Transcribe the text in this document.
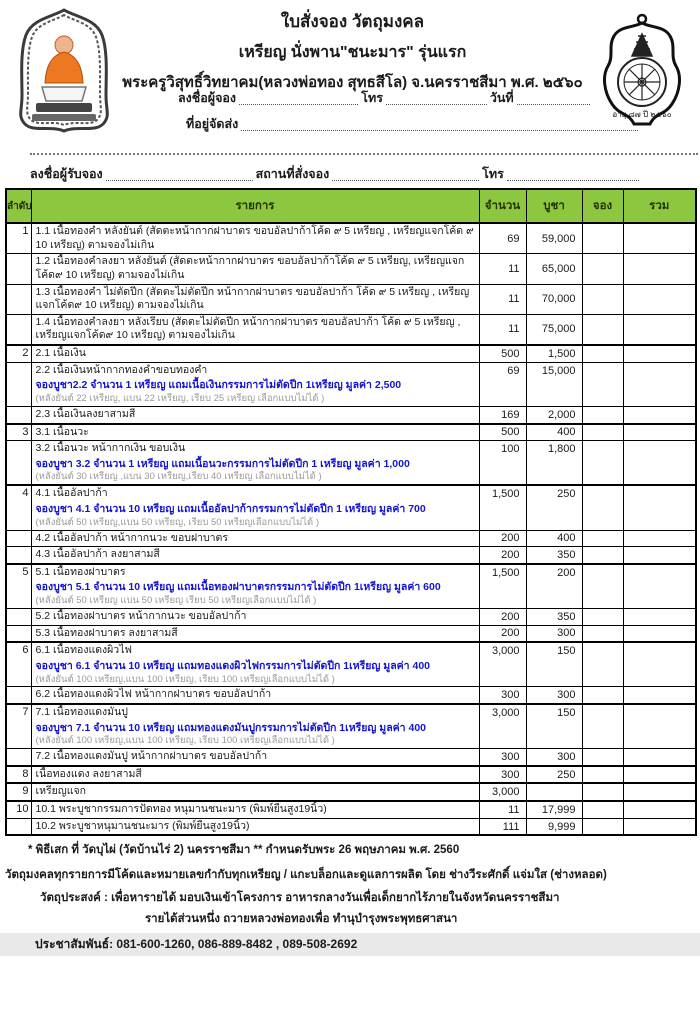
อายุ ๘๗ ปี ๒๕๖๐
ใบสั่งจอง วัตถุมงคล
เหรียญ นั่งพาน"ชนะมาร" รุ่นแรก
พระครูวิสุทธิ์วิทยาคม(หลวงพ่อทอง สุทธสีโล) จ.นครราชสีมา พ.ศ. ๒๕๖๐
ลงชื่อผู้จอง	โทร	วันที่
ที่อยู่จัดส่ง
ลงชื่อผู้รับจอง	สถานที่สั่งจอง	โทร
ลำดับ	รายการ	จำนวน	บูชา	จอง	รวม
1	1.1 เนื้อทองคำ หลังยันต์ (สัดตะหน้ากากฝาบาตร ขอบอัลปาก้าโค้ด ๙ 5 เหรียญ , เหรียญแจกโค้ด ๙ 10 เหรียญ) ตามจองไม่เกิน	69	59,000		

	1.2 เนื้อทองคำลงยา หลังยันต์ (สัดตะหน้ากากฝาบาตร ขอบอัลปาก้าโค้ด ๙ 5 เหรียญ, เหรียญแจกโค้ด๙ 10 เหรียญ) ตามจองไม่เกิน	11	65,000		

	1.3 เนื้อทองคำ ไม่ตัดปีก (สัดตะไม่ตัดปีก หน้ากากฝาบาตร ขอบอัลปาก้า โค้ด ๙ 5 เหรียญ , เหรียญแจกโค้ด๙ 10 เหรียญ) ตามจองไม่เกิน	11	70,000		

	1.4 เนื้อทองคำลงยา หลังเรียบ (สัดตะไม่ตัดปีก หน้ากากฝาบาตร ขอบอัลปาก้า โค้ด ๙ 5 เหรียญ , เหรียญแจกโค้ด๙ 10 เหรียญ) ตามจองไม่เกิน	11	75,000		
2	2.1 เนื้อเงิน	500	1,500		

	2.2 เนื้อเงินหน้ากากทองคำขอบทองคำ
จองบูชา2.2 จำนวน 1 เหรียญ แถมเนื้อเงินกรรมการไม่ตัดปีก 1เหรียญ มูลค่า 2,500
(หลังยันต์ 22 เหรียญ, แบน 22 เหรียญ, เรียบ 25 เหรียญ เลือกแบบไม่ได้ )	69	15,000		

	2.3 เนื้อเงินลงยาสามสี	169	2,000		
3	3.1 เนื้อนวะ	500	400		

	3.2 เนื้อนวะ หน้ากากเงิน ขอบเงิน
จองบูชา 3.2 จำนวน 1 เหรียญ แถมเนื้อนวะกรรมการไม่ตัดปีก 1 เหรียญ มูลค่า 1,000
(หลังยันต์ 30 เหรียญ ,แบน 30 เหรียญ,เรียบ 40 เหรียญ เลือกแบบไม่ได้ )	100	1,800		
4	4.1 เนื้ออัลปาก้า
จองบูชา 4.1 จำนวน 10 เหรียญ แถมเนื้ออัลปาก้ากรรมการไม่ตัดปีก 1 เหรียญ มูลค่า 700
(หลังยันต์ 50 เหรียญ,แบน 50 เหรียญ, เรียบ 50 เหรียญเลือกแบบไม่ได้ )	1,500	250		

	4.2 เนื้ออัลปาก้า หน้ากากนวะ ขอบฝาบาตร	200	400		

	4.3 เนื้ออัลปาก้า ลงยาสามสี	200	350		
5	5.1 เนื้อทองฝาบาตร
จองบูชา 5.1 จำนวน 10 เหรียญ แถมเนื้อทองฝาบาตรกรรมการไม่ตัดปีก 1เหรียญ มูลค่า 600
(หลังยันต์ 50 เหรียญ แบน 50 เหรียญ เรียบ 50 เหรียญเลือกแบบไม่ได้ )	1,500	200		

	5.2 เนื้อทองฝาบาตร หน้ากากนวะ ขอบอัลปาก้า	200	350		

	5.3 เนื้อทองฝาบาตร ลงยาสามสี	200	300		
6	6.1 เนื้อทองแดงผิวไฟ
จองบูชา 6.1 จำนวน 10 เหรียญ แถมทองแดงผิวไฟกรรมการไม่ตัดปีก 1เหรียญ มูลค่า 400
(หลังยันต์ 100 เหรียญ,แบน 100 เหรียญ, เรียบ 100 เหรียญเลือกแบบไม่ได้ )	3,000	150		

	6.2 เนื้อทองแดงผิวไฟ หน้ากากฝาบาตร ขอบอัลปาก้า	300	300		
7	7.1 เนื้อทองแดงมันปู
จองบูชา 7.1 จำนวน 10 เหรียญ แถมทองแดงมันปูกรรมการไม่ตัดปีก 1เหรียญ มูลค่า 400
(หลังยันต์ 100 เหรียญ,แบน 100 เหรียญ, เรียบ 100 เหรียญเลือกแบบไม่ได้ )	3,000	150		

	7.2 เนื้อทองแดงมันปู หน้ากากฝาบาตร ขอบอัลปาก้า	300	300		
8	เนื้อทองแดง ลงยาสามสี	300	250		
9	เหรียญแจก	3,000			
10	10.1 พระบูชากรรมการปัดทอง หนุมานชนะมาร (พิมพ์ยืนสูง19นิ้ว)	11	17,999		

	10.2 พระบูชาหนุมานชนะมาร (พิมพ์ยืนสูง19นิ้ว)	111	9,999		
* พิธีเสก ที่ วัดบุไผ่ (วัดบ้านไร่ 2) นครราชสีมา ** กำหนดรับพระ 26 พฤษภาคม พ.ศ. 2560
วัตถุมงคลทุกรายการมีโค้ดและหมายเลขกำกับทุกเหรียญ / แกะบล็อกและดูแลการผลิต โดย ช่างวีระศักดิ์ แจ่มใส (ช่างหลอด)
วัตถุประสงค์ : เพื่อหารายได้ มอบเงินเข้าโครงการ อาหารกลางวันเพื่อเด็กยากไร้ภายในจังหวัดนครราชสีมา
รายได้ส่วนหนึ่ง ถวายหลวงพ่อทองเพื่อ ทำนุบำรุงพระพุทธศาสนา
ประชาสัมพันธ์: 081-600-1260, 086-889-8482 , 089-508-2692
